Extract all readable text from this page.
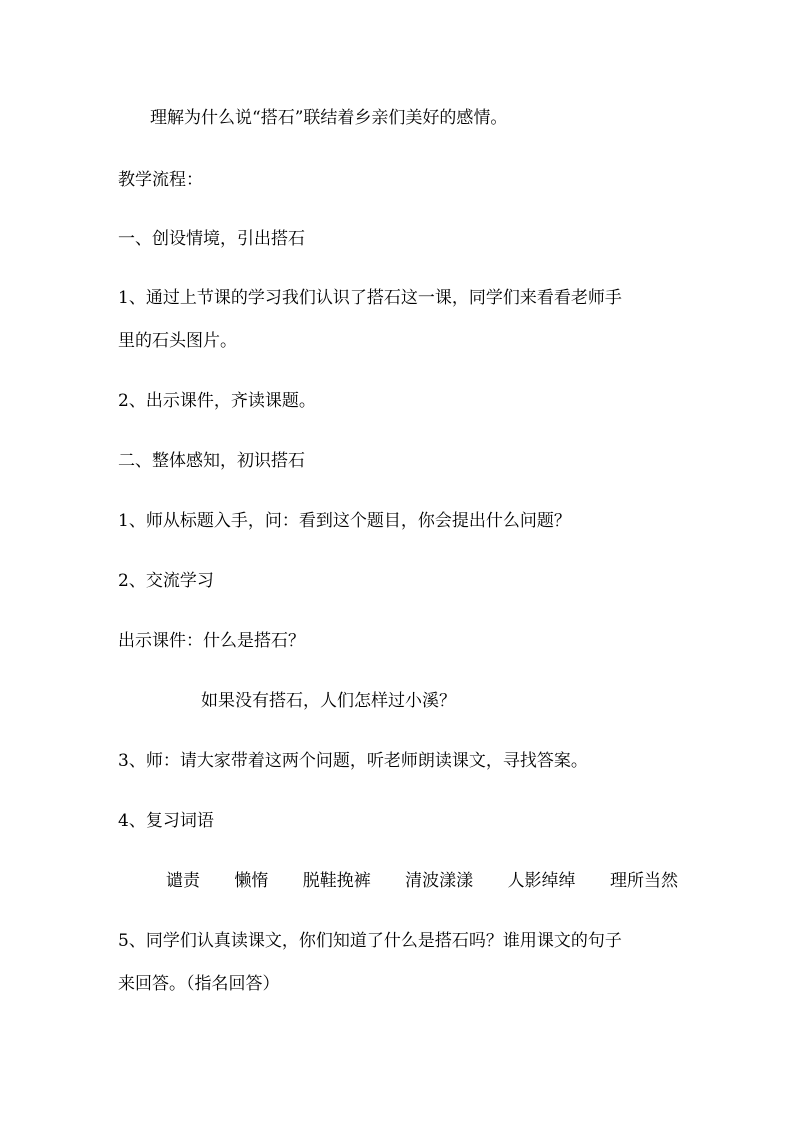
理解为什么说“搭石”联结着乡亲们美好的感情。

教学流程：

一、创设情境，引出搭石

1、通过上节课的学习我们认识了搭石这一课，同学们来看看老师手

里的石头图片。

2、出示课件，齐读课题。

二、整体感知，初识搭石

1、师从标题入手，问：看到这个题目，你会提出什么问题？

2、交流学习

出示课件：什么是搭石？

如果没有搭石，人们怎样过小溪？

3、师：请大家带着这两个问题，听老师朗读课文，寻找答案。

4、复习词语

谴责 懒惰 脱鞋挽裤 清波漾漾 人影绰绰 理所当然

5、同学们认真读课文，你们知道了什么是搭石吗？谁用课文的句子

来回答。（指名回答）
